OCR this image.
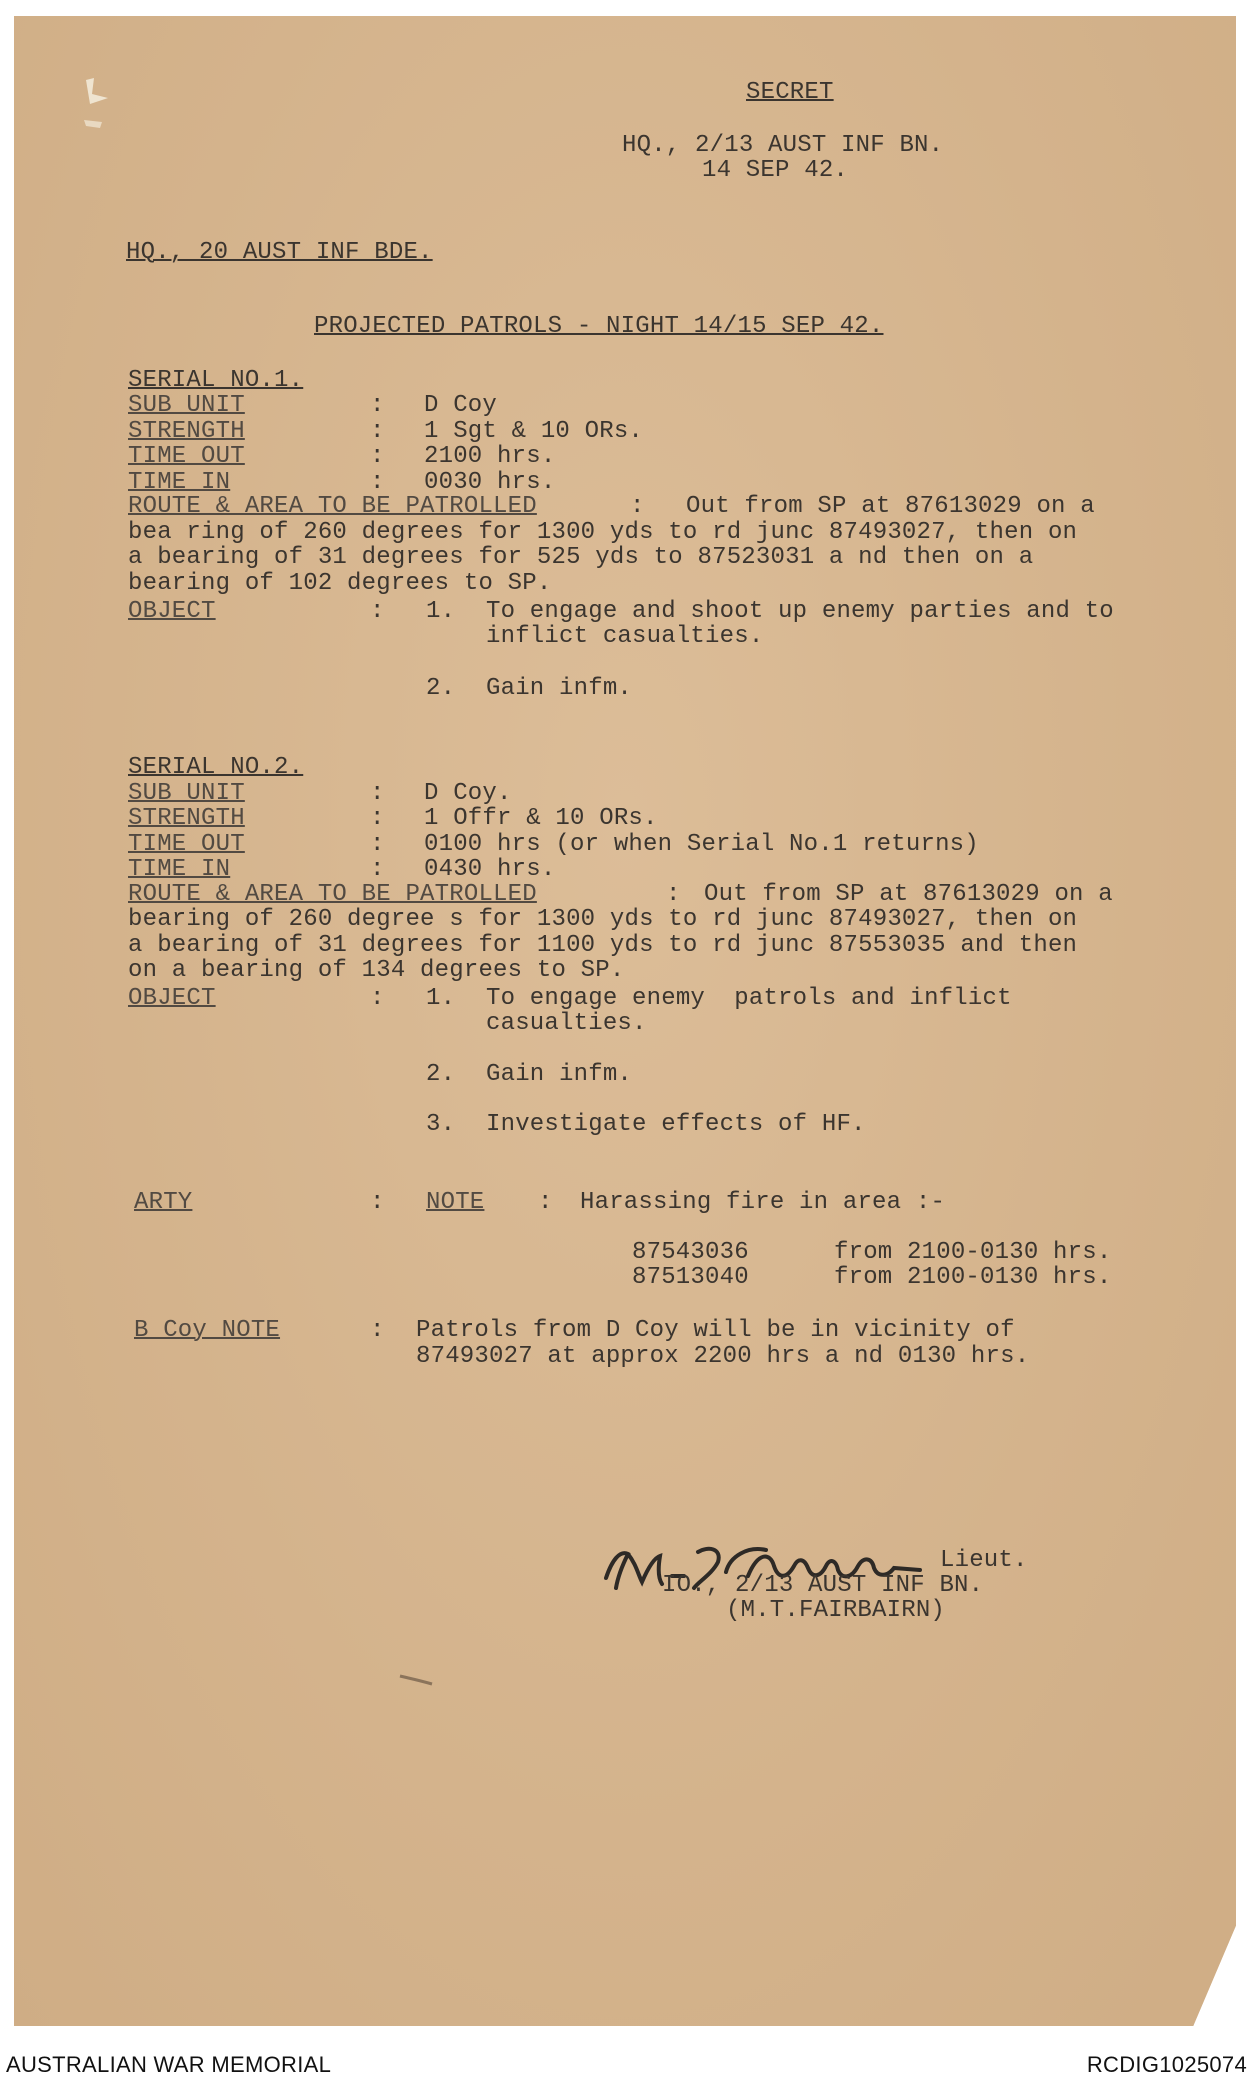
SECRET
HQ., 2/13 AUST INF BN.
14 SEP 42.
HQ., 20 AUST INF BDE.
PROJECTED PATROLS - NIGHT 14/15 SEP 42.
SERIAL NO.1.
SUB UNIT	: D Coy
STRENGTH	: 1 Sgt & 10 ORs.
TIME OUT	: 2100 hrs.
TIME IN	: 0030 hrs.
ROUTE & AREA TO BE PATROLLED	: Out from SP at 87613029 on a
bea ring of 260 degrees for 1300 yds to rd junc 87493027, then on
a bearing of 31 degrees for 525 yds to 87523031 a nd then on a
bearing of 102 degrees to SP.
OBJECT	: 1. To engage and shoot up enemy parties and to
inflict casualties.
2. Gain infm.
SERIAL NO.2.
SUB UNIT	: D Coy.
STRENGTH	: 1 Offr & 10 ORs.
TIME OUT	: 0100 hrs (or when Serial No.1 returns)
TIME IN	: 0430 hrs.
ROUTE & AREA TO BE PATROLLED	: Out from SP at 87613029 on a
bearing of 260 degree s for 1300 yds to rd junc 87493027, then on
a bearing of 31 degrees for 1100 yds to rd junc 87553035 and then
on a bearing of 134 degrees to SP.
OBJECT	: 1. To engage enemy  patrols and inflict
casualties.
2. Gain infm.
3. Investigate effects of HF.
ARTY	: NOTE : Harassing fire in area :-
87543036	from 2100-0130 hrs.
87513040	from 2100-0130 hrs.
B Coy NOTE	: Patrols from D Coy will be in vicinity of
87493027 at approx 2200 hrs a nd 0130 hrs.
Lieut.
IO., 2/13 AUST INF BN.
(M.T.FAIRBAIRN)
AUSTRALIAN WAR MEMORIAL	RCDIG1025074
